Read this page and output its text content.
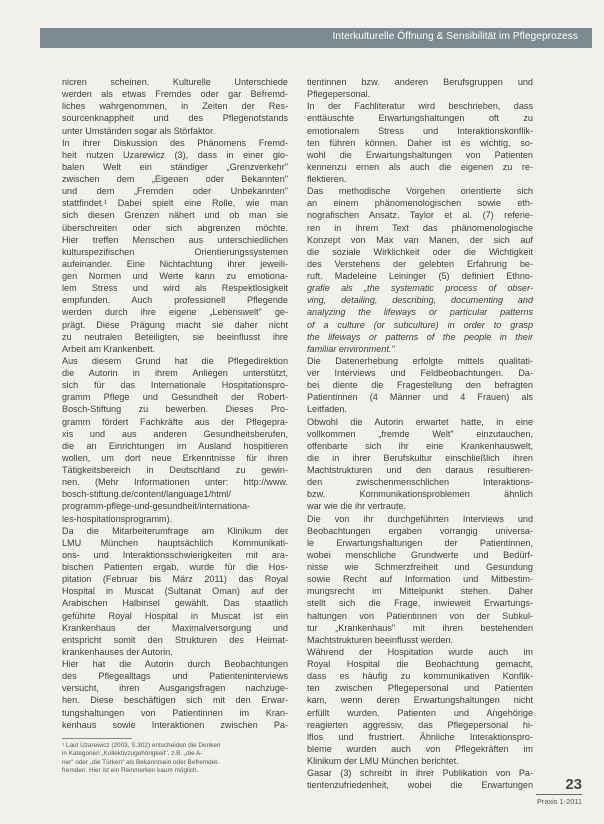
Interkulturelle Öffnung & Sensibilität im Pflegeprozess
nicren scheinen. Kulturelle Unterschiede
werden als etwas Fremdes oder gar Befremd-
liches wahrgenommen, in Zeiten der Res-
sourcenknappheit und des Pflegenotstands
unter Umständen sogar als Störfaktor.
In ihrer Diskussion des Phänomens Fremd-
heit nutzen Uzarewicz (3), dass in einer glo-
balen Welt ein ständiger „Grenzverkehr"
zwischen dem „Eigenen oder Bekannten"
und dem „Fremden oder Unbekannten"
stattfindet.¹ Dabei spielt eine Rolle, wie man
sich diesen Grenzen nähert und ob man sie
überschreiten oder sich abgrenzen möchte.
Hier treffen Menschen aus unterschiedlichen
kulturspezifischen Orientierungssystemen
aufeinander. Eine Nichtachtung ihrer jeweili-
gen Normen und Werte kann zu emotiona-
lem Stress und wird als Respektlosigkeit
empfunden. Auch professionell Pflegende
werden durch ihre eigene „Lebenswelt" ge-
prägt. Diese Prägung macht sie daher nicht
zu neutralen Beteiligten, sie beeinflusst ihre
Arbeit am Krankenbett.
Aus diesem Grund hat die Pflegedirektion
die Autorin in ihrem Anliegen unterstützt,
sich für das Internationale Hospitationspro-
gramm Pflege und Gesundheit der Robert-
Bosch-Stiftung zu bewerben. Dieses Pro-
gramm fördert Fachkräfte aus der Pflegepra-
xis und aus anderen Gesundheitsberufen,
die an Einrichtungen im Ausland hospitieren
wollen, um dort neue Erkenntnisse für ihren
Tätigkeitsbereich in Deutschland zu gewin-
nen. (Mehr Informationen unter: http://www.
bosch-stiftung.de/content/language1/html/
programm-pflege-und-gesundheit/internationa-
les-hospitationsprogramm).
Da die Mitarbeiterumfrage am Klinikum der
LMU München hauptsächlich Kommunikati-
ons- und Interaktionsschwierigkeiten mit ara-
bischen Patienten ergab, wurde für die Hos-
pitation (Februar bis März 2011) das Royal
Hospital in Muscat (Sultanat Oman) auf der
Arabischen Halbinsel gewählt. Das staatlich
geführte Royal Hospital in Muscat ist ein
Krankenhaus der Maximalversorgung und
entspricht somit den Strukturen des Heimat-
krankenhauses der Autorin.
Hier hat die Autorin durch Beobachtungen
des Pflegealltags und Patienteninterviews
versucht, ihren Ausgangsfragen nachzuge-
hen. Diese beschäftigen sich mit den Erwar-
tungshaltungen von Patientinnen im Kran-
kenhaus sowie Interaktionen zwischen Pa-
tientinnen bzw. anderen Berufsgruppen und
Pflegepersonal.
In der Fachliteratur wird beschrieben, dass
enttäuschte Erwartungshaltungen oft zu
emotionalem Stress und Interaktionskonflik-
ten führen können. Daher ist es wichtig, so-
wohl die Erwartungshaltungen von Patienten
kennenzu ernen als auch die eigenen zu re-
flektieren.
Das methodische Vorgehen orientierte sich
an einem phänomenologischen sowie eth-
nografischen Ansatz. Taylor et al. (7) referie-
ren in ihrem Text das phänomenologische
Konzept von Max van Manen, der sich auf
die soziale Wirklichkeit oder die Wichtigkeit
des Verstehens der gelebten Erfahrung be-
ruft. Madeleine Leininger (5) definiert Ethno-
grafie als „the systematic process of obser-
ving, detailing, describing, documenting and
analyzing the lifeways or particular patterns
of a culture (or subculture) in order to grasp
the lifeways or patterns of the people in their
familiar environment."
Die Datenerhebung erfolgte mittels qualitati-
ver Interviews und Feldbeobachtungen. Da-
bei diente die Fragestellung den befragten
Patientinnen (4 Männer und 4 Frauen) als
Leitfaden.
Obwohl die Autorin erwartet hatte, in eine
vollkommen „fremde Welt" einzutauchen,
offenbarte sich ihr eine Krankenhauswelt,
die in ihrer Berufskultur einschließlich ihren
Machtstrukturen und den daraus resultieren-
den zwischenmenschlichen Interaktions-
bzw. Kommunikationsproblemen ähnlich
war wie die ihr vertraute.
Die von ihr durchgeführten Interviews und
Beobachtungen ergaben vorrangig universa-
le Erwartungshaltungen der Patientinnen,
wobei menschliche Grundwerte und Bedürf-
nisse wie Schmerzfreiheit und Gesundung
sowie Recht auf Information und Mitbestim-
mungsrecht im Mittelpunkt stehen. Daher
stellt sich die Frage, inwieweit Erwartungs-
haltungen von Patientinnen von der Subkul-
tur „Krankenhaus" mit ihren bestehenden
Machtstrukturen beeinflusst werden.
Während der Hospitation wurde auch im
Royal Hospital die Beobachtung gemacht,
dass es häufig zu kommunikativen Konflik-
ten zwischen Pflegepersonal und Patienten
kam, wenn deren Erwartungshaltungen nicht
erfüllt wurden. Patienten und Angehörige
reagierten aggressiv, das Pflegepersonal hi-
lflos und frustriert. Ähnliche Interaktionspro-
bleme wurden auch von Pflegekräften im
Klinikum der LMU München berichtet.
Gasar (3) schreibt in ihrer Publikation von Pa-
tientenzufriedenheit, wobei die Erwartungen
¹ Laut Uzarewicz (2003, S.302) entscheiden die Denken
in Kategorien „Kollektivzugehörigkeit", z.B. „die A-
ner" oder „die Türken" als Bekanntsein oder Befremdet-
fremden. Hier ist ein Reinmerken kaum möglich.
23
Praxis 1-2011
